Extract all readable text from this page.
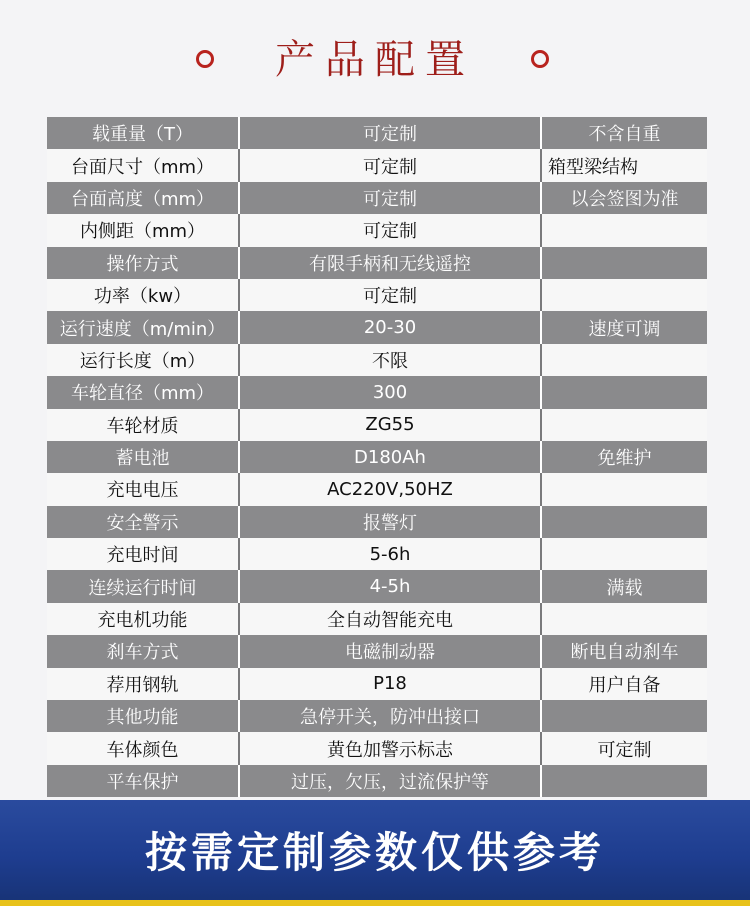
产品配置
载重量（T）	可定制	不含自重
台面尺寸（mm）	可定制	箱型梁结构
台面高度（mm）	可定制	以会签图为准
内侧距（mm）	可定制
操作方式	有限手柄和无线遥控
功率（kw）	可定制
运行速度（m/min）	20-30	速度可调
运行长度（m）	不限
车轮直径（mm）	300
车轮材质	ZG55
蓄电池	D180Ah	免维护
充电电压	AC220V,50HZ
安全警示	报警灯
充电时间	5-6h
连续运行时间	4-5h	满载
充电机功能	全自动智能充电
刹车方式	电磁制动器	断电自动刹车
荐用钢轨	P18	用户自备
其他功能	急停开关，防冲出接口
车体颜色	黄色加警示标志	可定制
平车保护	过压，欠压，过流保护等
按需定制参数仅供参考
